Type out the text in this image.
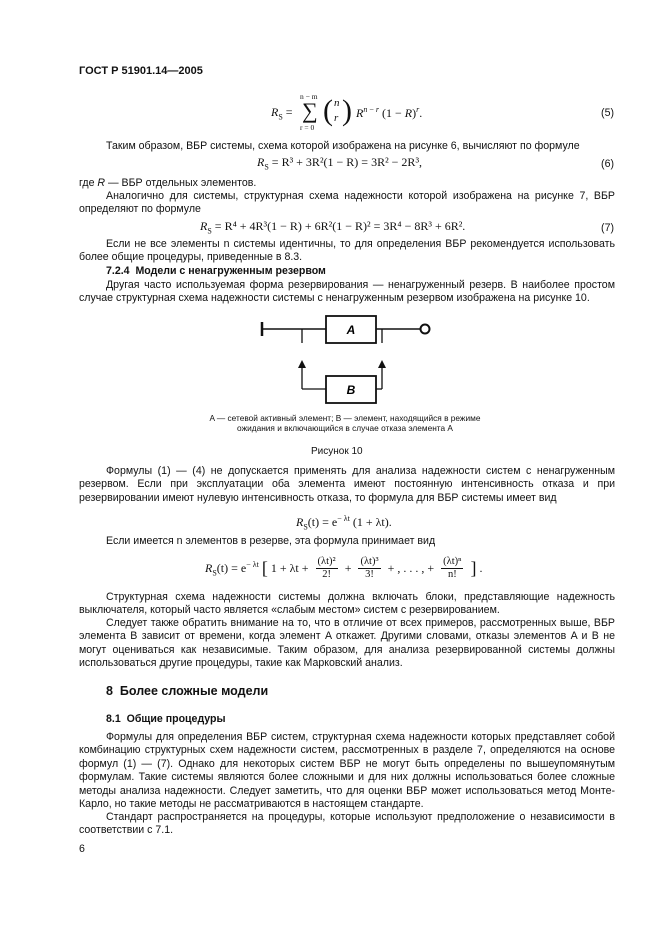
ГОСТ Р 51901.14—2005
$R_S$ =
n − m
∑
r = 0
( n
r ) $R^{n - r}$ $(1 - R)^r$.	(5)
Таким образом, ВБР системы, схема которой изображена на рисунке 6, вычисляют по формуле
$R_S = R^3 + 3R^2(1 - R) = 3R^2 - 2R^3$,	(6)
где R — ВБР отдельных элементов.
Аналогично для системы, структурная схема надежности которой изображена на рисунке 7, ВБР определяют по формуле
$R_S = R^4 + 4R^3(1 - R) + 6R^2(1 - R)^2 = 3R^4 - 8R^3 + 6R^2$.	(7)
Если не все элементы n системы идентичны, то для определения ВБР рекомендуется использовать более общие процедуры, приведенные в 8.3.
7.2.4 Модели с ненагруженным резервом
Другая часто используемая форма резервирования — ненагруженный резерв. В наиболее простом случае структурная схема надежности системы с ненагруженным резервом изображена на рисунке 10.
A
B
A — сетевой активный элемент; B — элемент, находящийся в режиме
ожидания и включающийся в случае отказа элемента A
Рисунок 10
Формулы (1) — (4) не допускается применять для анализа надежности систем с ненагруженным резервом. Если при эксплуатации оба элемента имеют постоянную интенсивность отказа и при резервировании имеют нулевую интенсивность отказа, то формула для ВБР системы имеет вид
$R_S(t) = e^{- \lambda t}$ (1 + λt).
Если имеется n элементов в резерве, эта формула принимает вид
$R_S(t) = e^{- \lambda t}$ [ $1 + \lambda t + \frac{\text{(λt)²}}{2!} + \frac{\text{(λt)³}}{3!}$ + , . . . , + $\frac{\text{(λt)ⁿ}}{n!}$ ] .
Структурная схема надежности системы должна включать блоки, представляющие надежность выключателя, который часто является «слабым местом» систем с резервированием.
Следует также обратить внимание на то, что в отличие от всех примеров, рассмотренных выше, ВБР элемента B зависит от времени, когда элемент A откажет. Другими словами, отказы элементов A и B не могут оцениваться как независимые. Таким образом, для анализа резервированной системы должны использоваться другие процедуры, такие как Марковский анализ.
8 Более сложные модели
8.1 Общие процедуры
Формулы для определения ВБР систем, структурная схема надежности которых представляет собой комбинацию структурных схем надежности систем, рассмотренных в разделе 7, определяются на основе формул (1) — (7). Однако для некоторых систем ВБР не могут быть определены по вышеупомянутым формулам. Такие системы являются более сложными и для них должны использоваться более сложные методы анализа надежности. Следует заметить, что для оценки ВБР может использоваться метод Монте-Карло, но такие методы не рассматриваются в настоящем стандарте.
Стандарт распространяется на процедуры, которые используют предположение о независимости в соответствии с 7.1.
6
